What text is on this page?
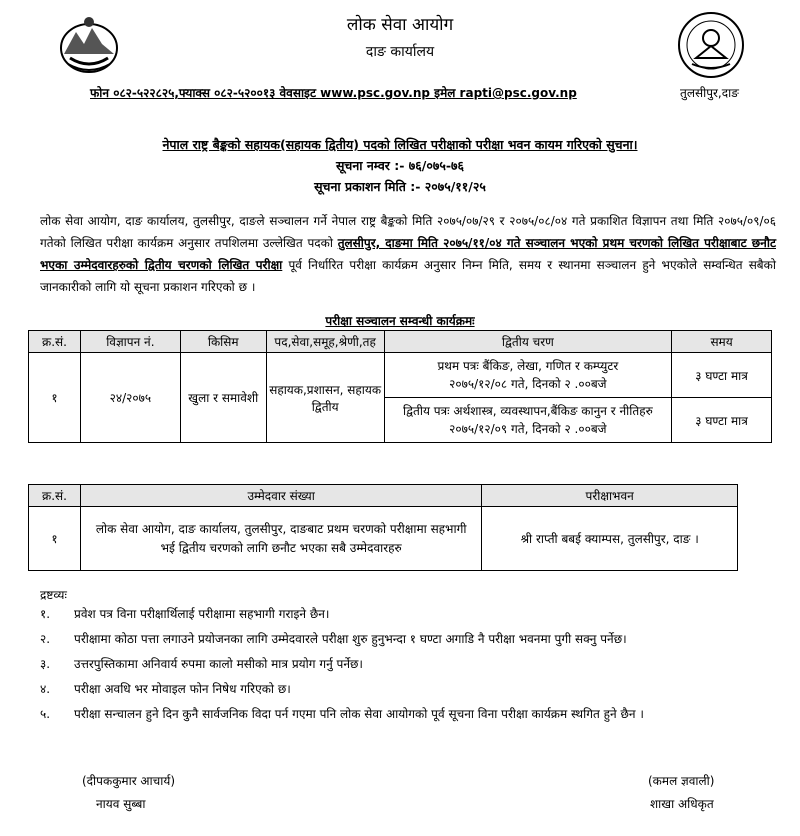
लोक सेवा आयोग
दाङ कार्यालय
फोन ०८२-५२२८२५,फ्याक्स ०८२-५२००१३ वेवसाइट www.psc.gov.np इमेल rapti@psc.gov.np	तुलसीपुर,दाङ
नेपाल राष्ट्र बैङ्कको सहायक(सहायक द्वितीय) पदको लिखित परीक्षाको परीक्षा भवन कायम गरिएको सुचना।
सूचना नम्वर :- ७६/०७५-७६
सूचना प्रकाशन मिति :- २०७५/११/२५
लोक सेवा आयोग, दाङ कार्यालय, तुलसीपुर, दाङले सञ्चालन गर्ने नेपाल राष्ट्र बैङ्कको मिति २०७५/०७/२९ र २०७५/०८/०४ गते प्रकाशित विज्ञापन तथा मिति २०७५/०९/०६ गतेको लिखित परीक्षा कार्यक्रम अनुसार तपशिलमा उल्लेखित पदको तुलसीपुर, दाङमा मिति २०७५/११/०४ गते सञ्चालन भएको प्रथम चरणको लिखित परीक्षाबाट छनौट भएका उम्मेदवारहरुको द्वितीय चरणको लिखित परीक्षा पूर्व निर्धारित परीक्षा कार्यक्रम अनुसार निम्न मिति, समय र स्थानमा सञ्चालन हुने भएकोले सम्वन्धित सबैको जानकारीको लागि यो सूचना प्रकाशन गरिएको छ ।
परीक्षा सञ्चालन सम्वन्धी कार्यक्रमः
क्र.सं.	विज्ञापन नं.	किसिम	पद,सेवा,समूह,श्रेणी,तह	द्वितीय चरण	समय
१	२४/२०७५	खुला र समावेशी	सहायक,प्रशासन, सहायक द्वितीय	प्रथम पत्रः बैंकिङ, लेखा, गणित र कम्प्युटर
२०७५/१२/०८ गते, दिनको २ .००बजे	३ घण्टा मात्र

				द्वितीय पत्रः अर्थशास्त्र, व्यवस्थापन,बैंकिङ कानुन र नीतिहरु
२०७५/१२/०९ गते, दिनको २ .००बजे	३ घण्टा मात्र
क्र.सं.	उम्मेदवार संख्या	परीक्षाभवन
१	लोक सेवा आयोग, दाङ कार्यालय, तुलसीपुर, दाङबाट प्रथम चरणको परीक्षामा सहभागी भई द्वितीय चरणको लागि छनौट भएका सबै उम्मेदवारहरु	श्री राप्ती बबई क्याम्पस, तुलसीपुर, दाङ ।
द्रष्टव्यः
१. प्रवेश पत्र विना परीक्षार्थिलाई परीक्षामा सहभागी गराइने छैन।
२. परीक्षामा कोठा पत्ता लगाउने प्रयोजनका लागि उम्मेदवारले परीक्षा शुरु हुनुभन्दा १ घण्टा अगाडि नै परीक्षा भवनमा पुगी सक्नु पर्नेछ।
३. उत्तरपुस्तिकामा अनिवार्य रुपमा कालो मसीको मात्र प्रयोग गर्नु पर्नेछ।
४. परीक्षा अवधि भर मोवाइल फोन निषेध गरिएको छ।
५. परीक्षा सन्चालन हुने दिन कुनै सार्वजनिक विदा पर्न गएमा पनि लोक सेवा आयोगको पूर्व सूचना विना परीक्षा कार्यक्रम स्थगित हुने छैन ।
(दीपककुमार आचार्य)
नायव सुब्बा
(कमल ज्ञवाली)
शाखा अधिकृत
